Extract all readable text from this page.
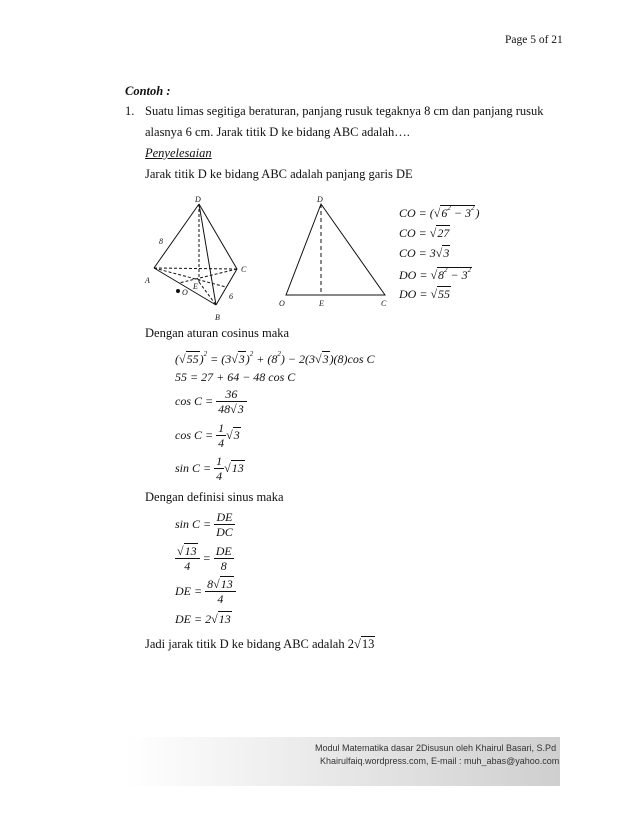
Page 5 of 21
Contoh :
1. Suatu limas segitiga beraturan, panjang rusuk tegaknya 8 cm dan panjang rusuk
alasnya 6 cm. Jarak titik D ke bidang ABC adalah….
Penyelesaian
Jarak titik D ke bidang ABC adalah panjang garis DE
D
8
A
C
O
E
6
B
D
O	E	C
CO = $(√6^2 - 3^2)$
CO = √27
CO = 3√3
DO = $√8^2 - 3^2$
DO = √55
Dengan aturan cosinus maka
$(√55)^2 = (3√3)^2 + (8^2) - 2(3√3)(8)\cos$ C
55 = 27 + 64 − 48 cos C
$\cos C = \frac{36}{48√3}$
$\cos C = \frac{1}{4} √3$
$\sin C = \frac{1}{4} √13$
Dengan definisi sinus maka
$\sin C = \frac{DE}{DC}$
$\frac{√13}{4} = \frac{DE}{8}$
DE = $\frac{8√13}{4}$
DE = 2√13
Jadi jarak titik D ke bidang ABC adalah 2√13
Modul Matematika dasar 2 Disusun oleh Khairul Basari, S.Pd
Khairulfaiq.wordpress.com, E-mail : muh_abas@yahoo.com
